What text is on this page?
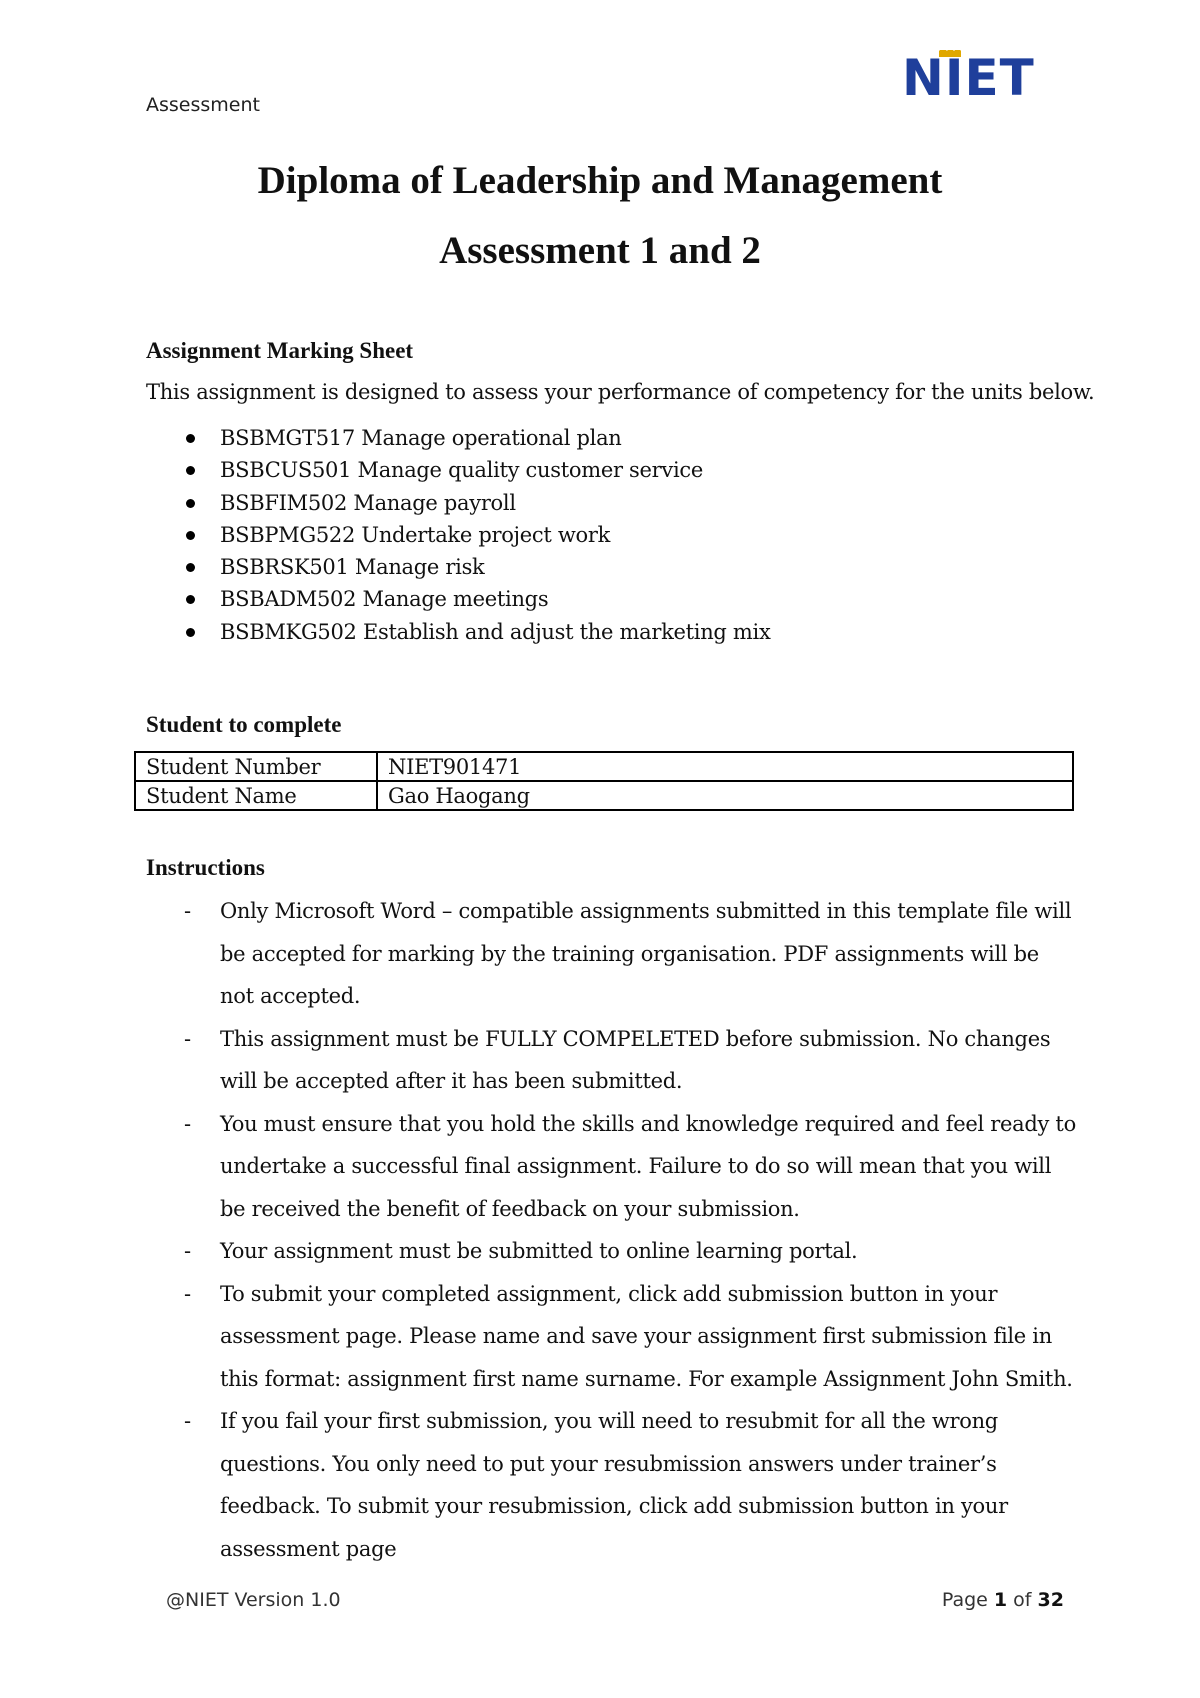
Assessment	NIET
Diploma of Leadership and Management
Assessment 1 and 2
Assignment Marking Sheet
This assignment is designed to assess your performance of competency for the units below.
BSBMGT517 Manage operational plan
BSBCUS501 Manage quality customer service
BSBFIM502 Manage payroll
BSBPMG522 Undertake project work
BSBRSK501 Manage risk
BSBADM502 Manage meetings
BSBMKG502 Establish and adjust the marketing mix
Student to complete
Student Number	NIET901471
Student Name	Gao Haogang
Instructions
- Only Microsoft Word – compatible assignments submitted in this template file will be accepted for marking by the training organisation. PDF assignments will be not accepted.
- This assignment must be FULLY COMPELETED before submission. No changes will be accepted after it has been submitted.
- You must ensure that you hold the skills and knowledge required and feel ready to undertake a successful final assignment. Failure to do so will mean that you will be received the benefit of feedback on your submission.
- Your assignment must be submitted to online learning portal.
- To submit your completed assignment, click add submission button in your assessment page. Please name and save your assignment first submission file in this format: assignment first name surname. For example Assignment John Smith.
- If you fail your first submission, you will need to resubmit for all the wrong questions. You only need to put your resubmission answers under trainer’s feedback. To submit your resubmission, click add submission button in your assessment page
@NIET Version 1.0	Page 1 of 32
